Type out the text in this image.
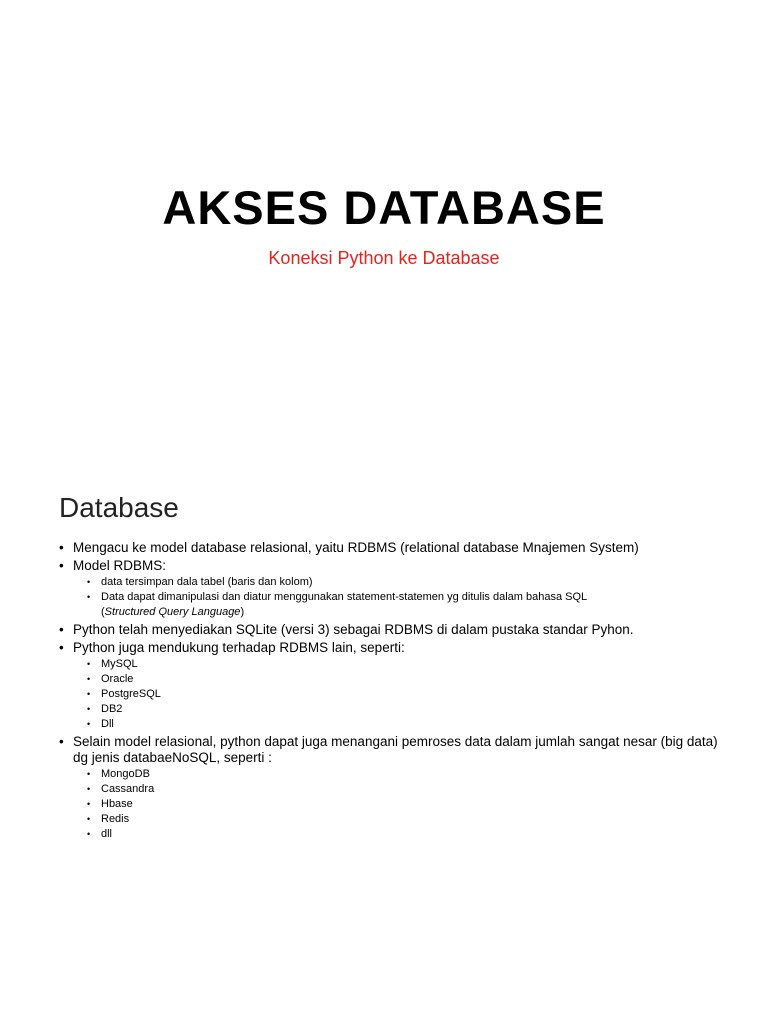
AKSES DATABASE
Koneksi Python ke Database
Database
• Mengacu ke model database relasional, yaitu RDBMS (relational database Mnajemen System)
• Model RDBMS:
• data tersimpan dala tabel (baris dan kolom)
• Data dapat dimanipulasi dan diatur menggunakan statement-statemen yg ditulis dalam bahasa SQL
(Structured Query Language)
• Python telah menyediakan SQLite (versi 3) sebagai RDBMS di dalam pustaka standar Pyhon.
• Python juga mendukung terhadap RDBMS lain, seperti:
• MySQL
• Oracle
• PostgreSQL
• DB2
• Dll
• Selain model relasional, python dapat juga menangani pemroses data dalam jumlah sangat nesar (big data) dg jenis databaeNoSQL, seperti :
• MongoDB
• Cassandra
• Hbase
• Redis
• dll
